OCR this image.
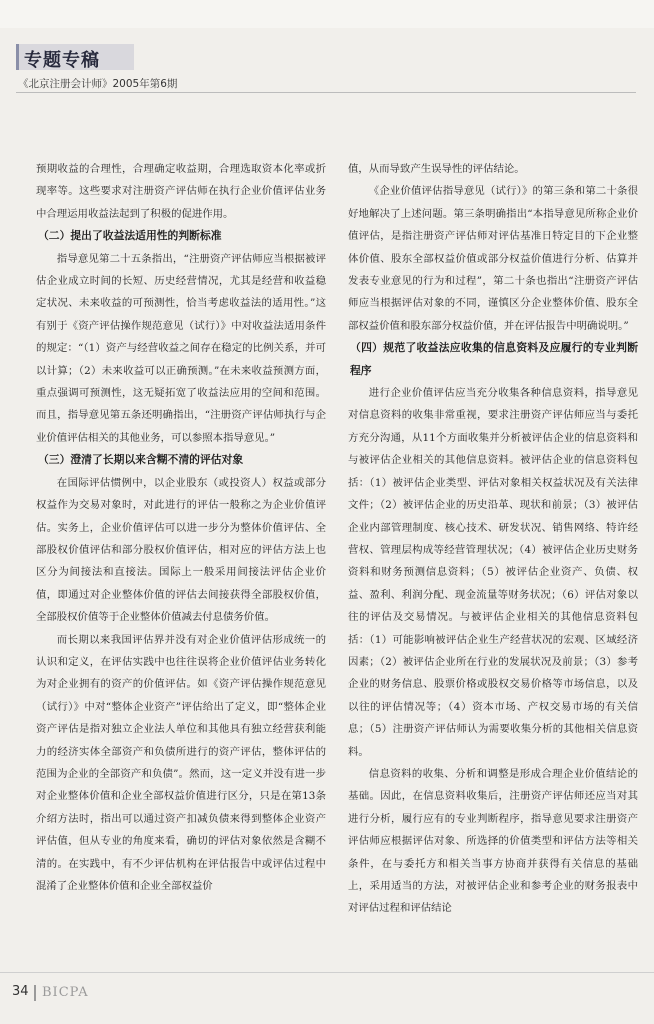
专题专稿
《北京注册会计师》2005年第6期

预期收益的合理性，合理确定收益期，合理选取资本化率或折现率等。这些要求对注册资产评估师在执行企业价值评估业务中合理运用收益法起到了积极的促进作用。

（二）提出了收益法适用性的判断标准

指导意见第二十五条指出，“注册资产评估师应当根据被评估企业成立时间的长短、历史经营情况，尤其是经营和收益稳定状况、未来收益的可预测性，恰当考虑收益法的适用性。”这有别于《资产评估操作规范意见（试行）》中对收益法适用条件的规定：“（1）资产与经营收益之间存在稳定的比例关系，并可以计算；（2）未来收益可以正确预测。”在未来收益预测方面，重点强调可预测性，这无疑拓宽了收益法应用的空间和范围。而且，指导意见第五条还明确指出，“注册资产评估师执行与企业价值评估相关的其他业务，可以参照本指导意见。”

（三）澄清了长期以来含糊不清的评估对象

在国际评估惯例中，以企业股东（或投资人）权益或部分权益作为交易对象时，对此进行的评估一般称之为企业价值评估。实务上，企业价值评估可以进一步分为整体价值评估、全部股权价值评估和部分股权价值评估，相对应的评估方法上也区分为间接法和直接法。国际上一般采用间接法评估企业价值，即通过对企业整体价值的评估去间接获得全部股权价值，全部股权价值等于企业整体价值减去付息债务价值。

而长期以来我国评估界并没有对企业价值评估形成统一的认识和定义，在评估实践中也往往误将企业价值评估业务转化为对企业拥有的资产的价值评估。如《资产评估操作规范意见（试行）》中对“整体企业资产”评估给出了定义，即“整体企业资产评估是指对独立企业法人单位和其他具有独立经营获利能力的经济实体全部资产和负债所进行的资产评估，整体评估的范围为企业的全部资产和负债”。然而，这一定义并没有进一步对企业整体价值和企业全部权益价值进行区分，只是在第13条介绍方法时，指出可以通过资产扣减负债来得到整体企业资产评估值，但从专业的角度来看，确切的评估对象依然是含糊不清的。在实践中，有不少评估机构在评估报告中或评估过程中混淆了企业整体价值和企业全部权益价

值，从而导致产生误导性的评估结论。

《企业价值评估指导意见（试行）》的第三条和第二十条很好地解决了上述问题。第三条明确指出“本指导意见所称企业价值评估，是指注册资产评估师对评估基准日特定目的下企业整体价值、股东全部权益价值或部分权益价值进行分析、估算并发表专业意见的行为和过程”，第二十条也指出“注册资产评估师应当根据评估对象的不同，谨慎区分企业整体价值、股东全部权益价值和股东部分权益价值，并在评估报告中明确说明。”

（四）规范了收益法应收集的信息资料及应履行的专业判断程序

进行企业价值评估应当充分收集各种信息资料，指导意见对信息资料的收集非常重视，要求注册资产评估师应当与委托方充分沟通，从11个方面收集并分析被评估企业的信息资料和与被评估企业相关的其他信息资料。被评估企业的信息资料包括：（1）被评估企业类型、评估对象相关权益状况及有关法律文件；（2）被评估企业的历史沿革、现状和前景；（3）被评估企业内部管理制度、核心技术、研发状况、销售网络、特许经营权、管理层构成等经营管理状况；（4）被评估企业历史财务资料和财务预测信息资料；（5）被评估企业资产、负债、权益、盈利、利润分配、现金流量等财务状况；（6）评估对象以往的评估及交易情况。与被评估企业相关的其他信息资料包括：（1）可能影响被评估企业生产经营状况的宏观、区域经济因素；（2）被评估企业所在行业的发展状况及前景；（3）参考企业的财务信息、股票价格或股权交易价格等市场信息，以及以往的评估情况等；（4）资本市场、产权交易市场的有关信息；（5）注册资产评估师认为需要收集分析的其他相关信息资料。

信息资料的收集、分析和调整是形成合理企业价值结论的基础。因此，在信息资料收集后，注册资产评估师还应当对其进行分析，履行应有的专业判断程序，指导意见要求注册资产评估师应根据评估对象、所选择的价值类型和评估方法等相关条件，在与委托方和相关当事方协商并获得有关信息的基础上，采用适当的方法，对被评估企业和参考企业的财务报表中对评估过程和评估结论

34 BICPA
